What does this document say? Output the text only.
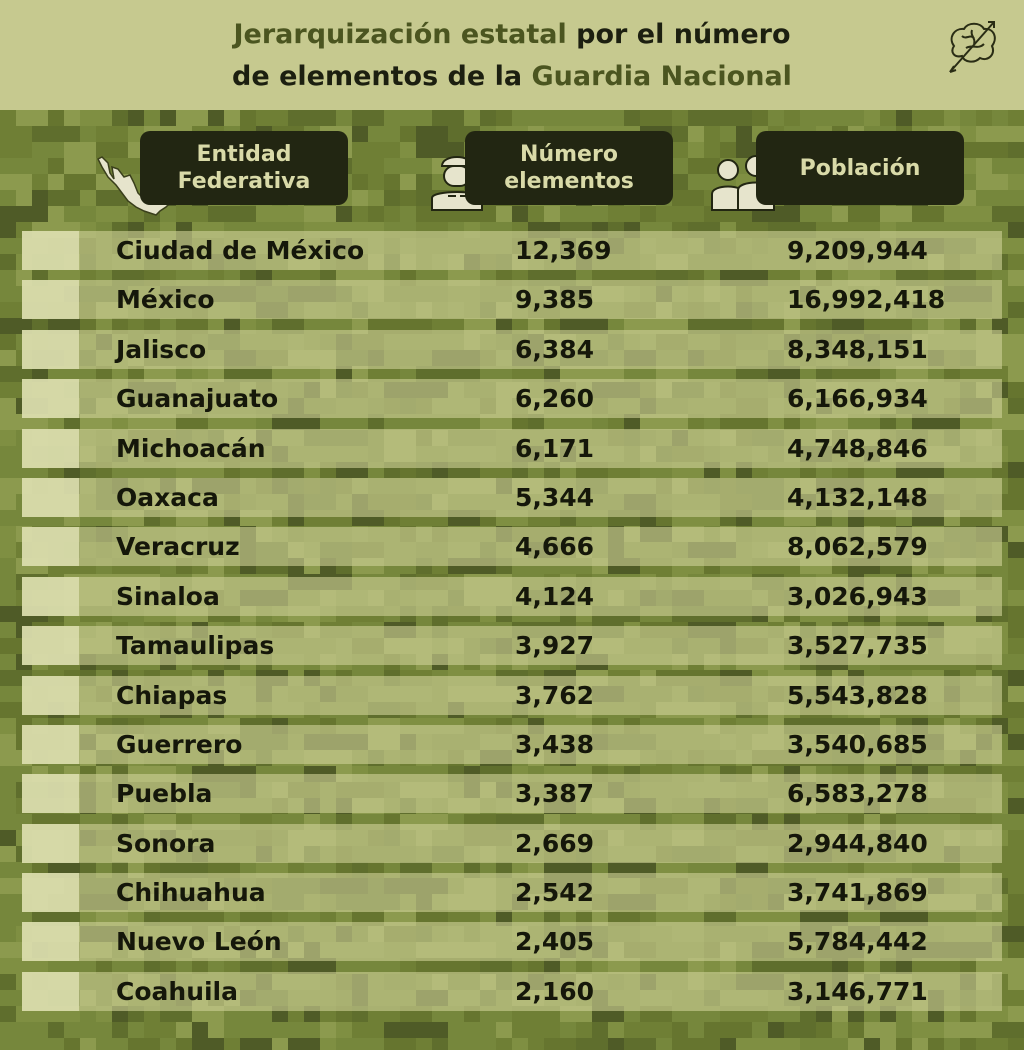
Jerarquización estatal por el número
de elementos de la Guardia Nacional
Entidad
Federativa
Número
elementos
Población
Ciudad de México	12,369	9,209,944
México	9,385	16,992,418
Jalisco	6,384	8,348,151
Guanajuato	6,260	6,166,934
Michoacán	6,171	4,748,846
Oaxaca	5,344	4,132,148
Veracruz	4,666	8,062,579
Sinaloa	4,124	3,026,943
Tamaulipas	3,927	3,527,735
Chiapas	3,762	5,543,828
Guerrero	3,438	3,540,685
Puebla	3,387	6,583,278
Sonora	2,669	2,944,840
Chihuahua	2,542	3,741,869
Nuevo León	2,405	5,784,442
Coahuila	2,160	3,146,771
